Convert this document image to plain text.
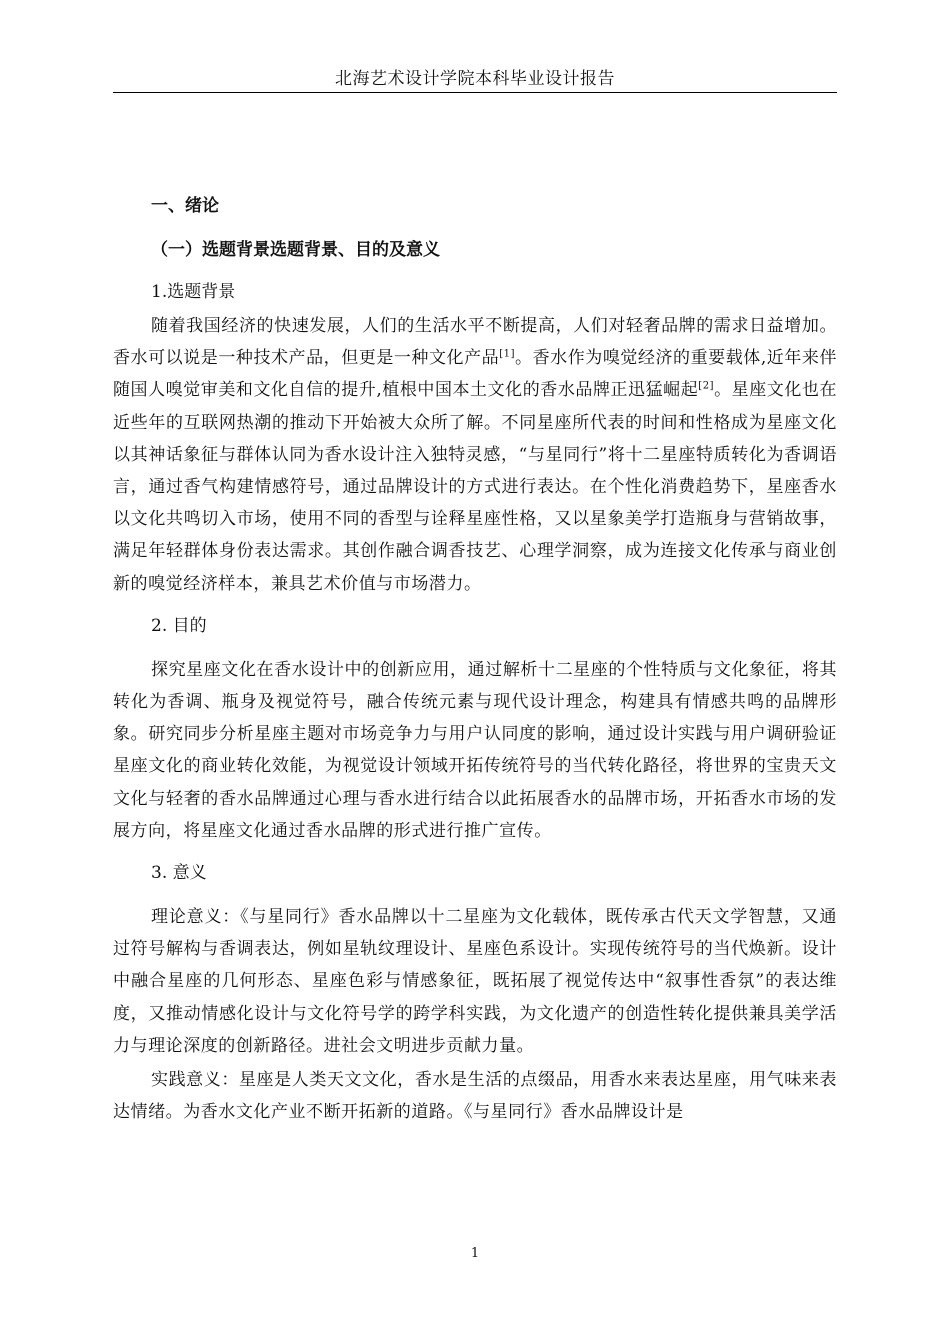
北海艺术设计学院本科毕业设计报告
一、绪论
（一）选题背景选题背景、目的及意义
1.选题背景

随着我国经济的快速发展，人们的生活水平不断提高，人们对轻奢品牌的需求日益增加。香水可以说是一种技术产品，但更是一种文化产品[1]。香水作为嗅觉经济的重要载体,近年来伴随国人嗅觉审美和文化自信的提升,植根中国本土文化的香水品牌正迅猛崛起[2]。星座文化也在近些年的互联网热潮的推动下开始被大众所了解。不同星座所代表的时间和性格成为星座文化以其神话象征与群体认同为香水设计注入独特灵感，“与星同行”将十二星座特质转化为香调语言，通过香气构建情感符号，通过品牌设计的方式进行表达。在个性化消费趋势下，星座香水以文化共鸣切入市场，使用不同的香型与诠释星座性格，又以星象美学打造瓶身与营销故事，满足年轻群体身份表达需求。其创作融合调香技艺、心理学洞察，成为连接文化传承与商业创新的嗅觉经济样本，兼具艺术价值与市场潜力。

2. 目的

探究星座文化在香水设计中的创新应用，通过解析十二星座的个性特质与文化象征，将其转化为香调、瓶身及视觉符号，融合传统元素与现代设计理念，构建具有情感共鸣的品牌形象。研究同步分析星座主题对市场竞争力与用户认同度的影响，通过设计实践与用户调研验证星座文化的商业转化效能，为视觉设计领域开拓传统符号的当代转化路径，将世界的宝贵天文文化与轻奢的香水品牌通过心理与香水进行结合以此拓展香水的品牌市场，开拓香水市场的发展方向，将星座文化通过香水品牌的形式进行推广宣传。

3. 意义

理论意义：《与星同行》香水品牌以十二星座为文化载体，既传承古代天文学智慧，又通过符号解构与香调表达，例如星轨纹理设计、星座色系设计。实现传统符号的当代焕新。设计中融合星座的几何形态、星座色彩与情感象征，既拓展了视觉传达中“叙事性香氛”的表达维度，又推动情感化设计与文化符号学的跨学科实践，为文化遗产的创造性转化提供兼具美学活力与理论深度的创新路径。进社会文明进步贡献力量。

实践意义：星座是人类天文文化，香水是生活的点缀品，用香水来表达星座，用气味来表达情绪。为香水文化产业不断开拓新的道路。《与星同行》香水品牌设计是

1
